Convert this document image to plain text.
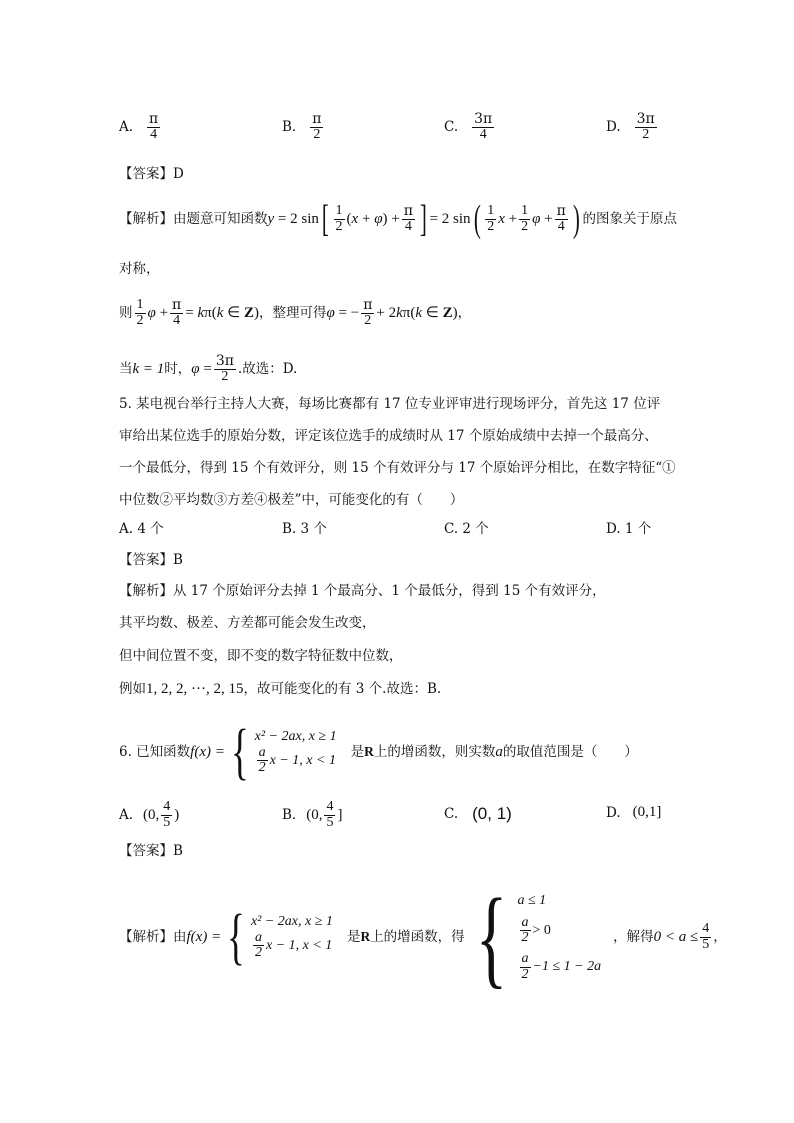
A. $\frac{\pi}{4}$	B. $\frac{\pi}{2}$	C. $\frac{3\pi}{4}$	D. $\frac{3\pi}{2}$
【答案】D
【解析】 由题意可知函数 y = 2 sin [ $\frac{1}{2} (x + \varphi) + \frac{\pi}{4}$ ] = 2 sin ( $\frac{1}{2}$ $x + \frac{1}{2}$ $\varphi + \frac{\pi}{4}$ ) 的图象关于原点
对称，
则 $\frac{1}{2}$ $\varphi + \frac{\pi}{4} = k\pi(k$ ∈ Z) ，整理可得 φ = − $\frac{\pi}{2} + 2k\pi(k$ ∈ Z) ，
当 k = 1 时， $\varphi = \frac{3\pi}{2}$ .故选：D.
5. 某电视台举行主持人大赛，每场比赛都有 17 位专业评审进行现场评分，首先这 17 位评
审给出某位选手的原始分数，评定该位选手的成绩时从 17 个原始成绩中去掉一个最高分、
一个最低分，得到 15 个有效评分，则 15 个有效评分与 17 个原始评分相比，在数字特征“①
中位数②平均数③方差④极差”中，可能变化的有（　　）
A. 4 个	B. 3 个	C. 2 个	D. 1 个
【答案】B
【解析】从 17 个原始评分去掉 1 个最高分、1 个最低分，得到 15 个有效评分，
其平均数、极差、方差都可能会发生改变，
但中间位置不变，即不变的数字特征数中位数，
例如1, 2, 2, ···, 2, 15，故可能变化的有 3 个.故选：B.
6. 已知函数 f(x) = { x² − 2ax, x ≥ 1
$\frac{a}{2}$ x − 1, x < 1
是 R 上的增函数，则实数 a 的取值范围是（　　）
A. (0, $\frac{4}{5}$ )	B. (0, $\frac{4}{5}$ ]	C. (0, 1)	D. (0,1]
【答案】B
【解析】 由 f(x) = { x² − 2ax, x ≥ 1
$\frac{a}{2}$ x − 1, x < 1
是 R 上的增函数，得 { a ≤ 1
$\frac{a}{2} > 0$
$\frac{a}{2} -1 \le 1 - 2a$
，解得 $0 < a \le \frac{4}{5}$ ，
